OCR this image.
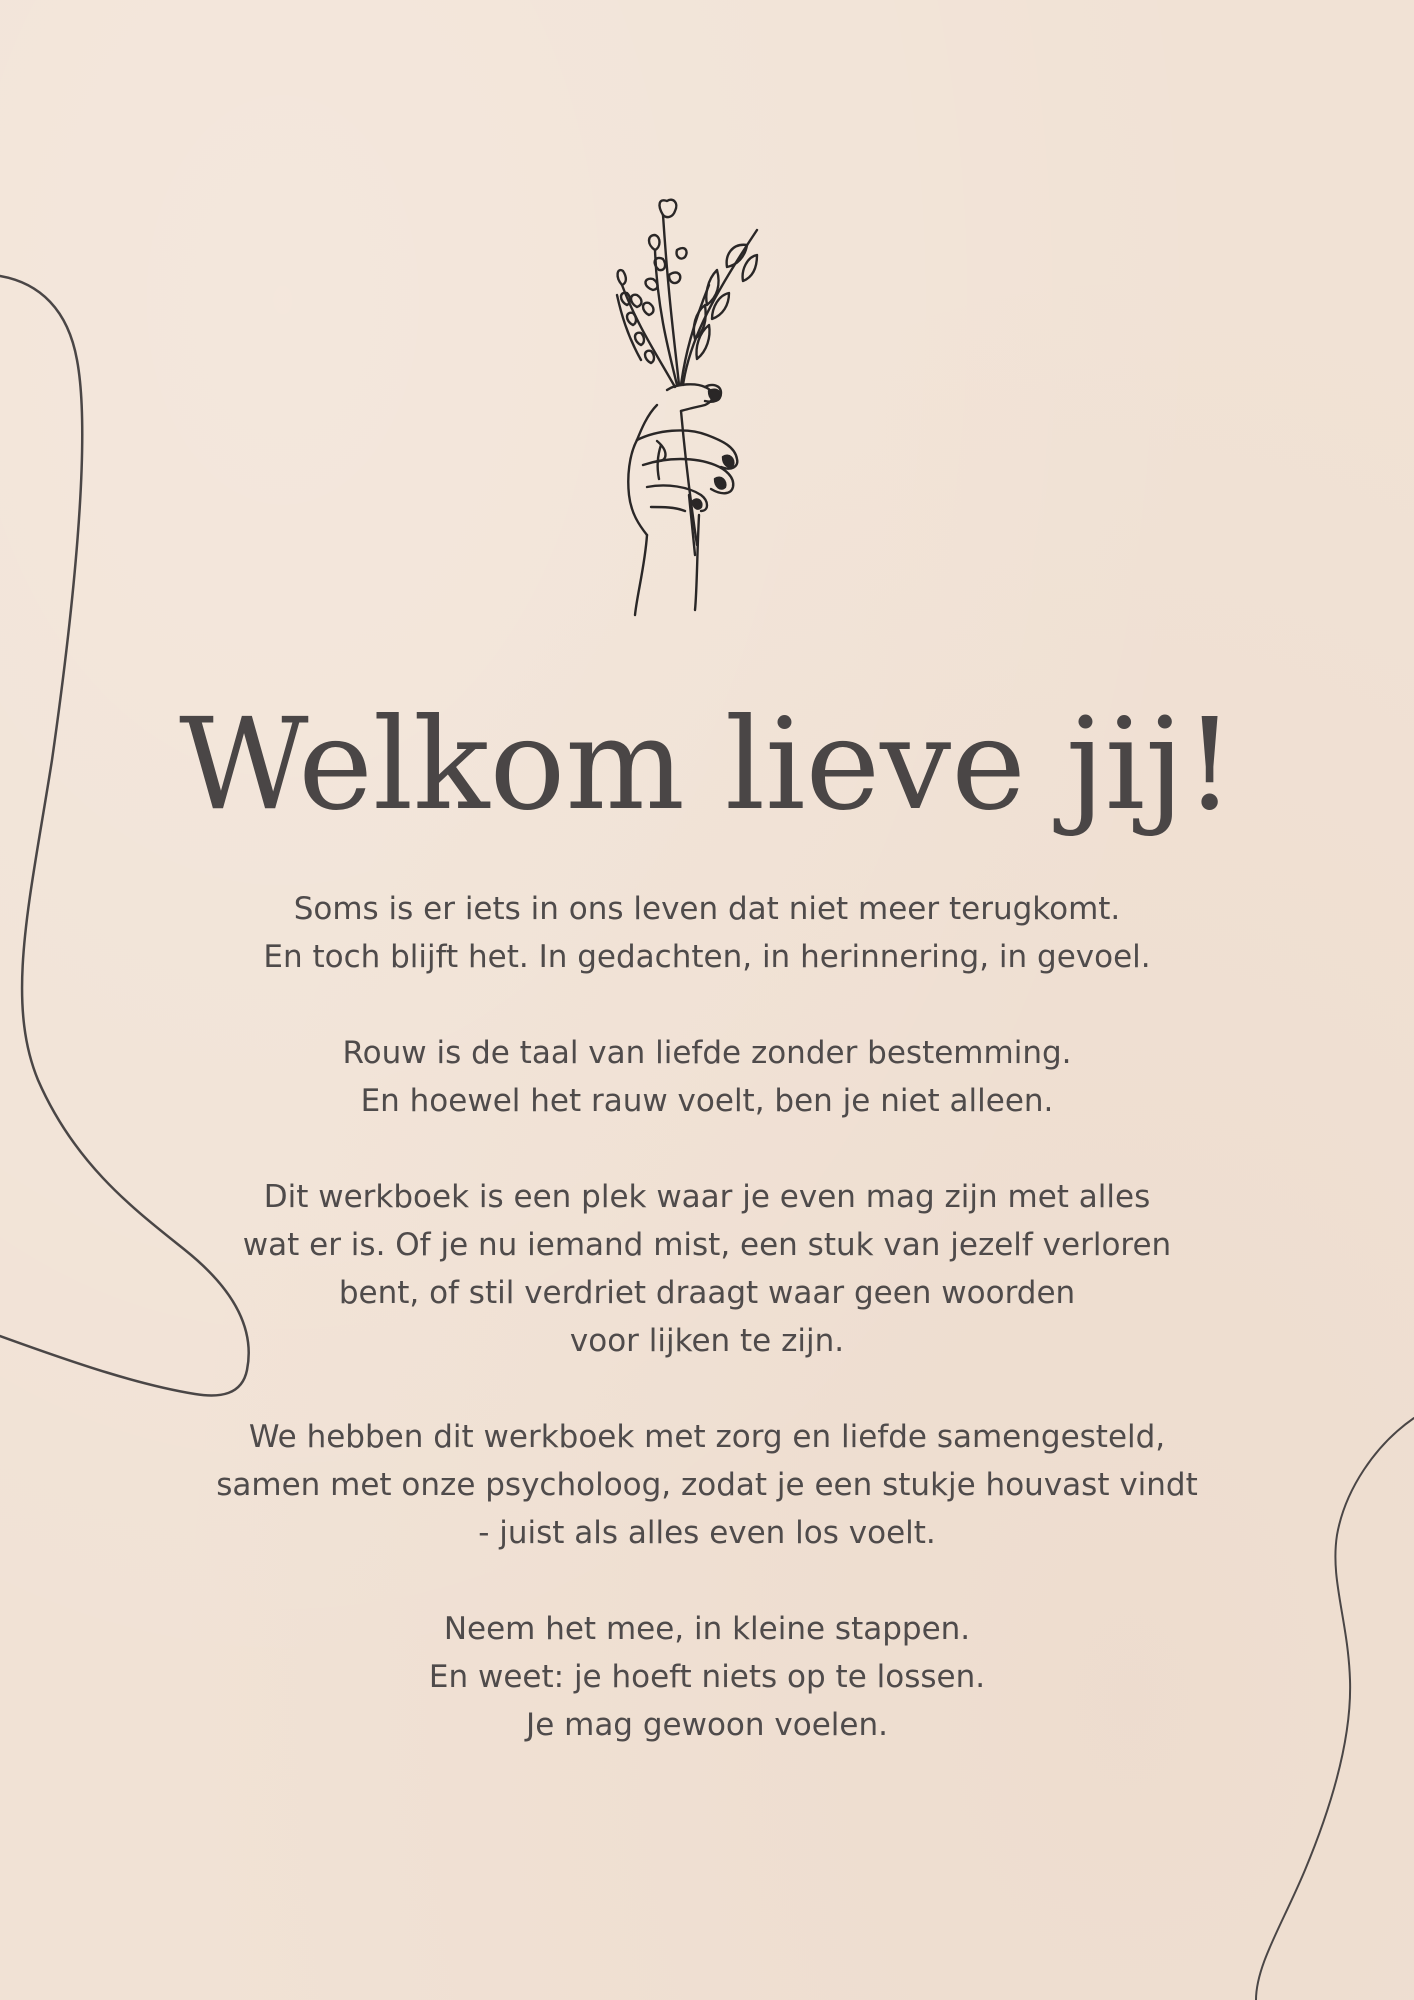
Welkom lieve jij!

Soms is er iets in ons leven dat niet meer terugkomt.
En toch blijft het. In gedachten, in herinnering, in gevoel.

Rouw is de taal van liefde zonder bestemming.
En hoewel het rauw voelt, ben je niet alleen.

Dit werkboek is een plek waar je even mag zijn met alles
wat er is. Of je nu iemand mist, een stuk van jezelf verloren
bent, of stil verdriet draagt waar geen woorden
voor lijken te zijn.

We hebben dit werkboek met zorg en liefde samengesteld,
samen met onze psycholoog, zodat je een stukje houvast vindt
- juist als alles even los voelt.

Neem het mee, in kleine stappen.
En weet: je hoeft niets op te lossen.
Je mag gewoon voelen.
